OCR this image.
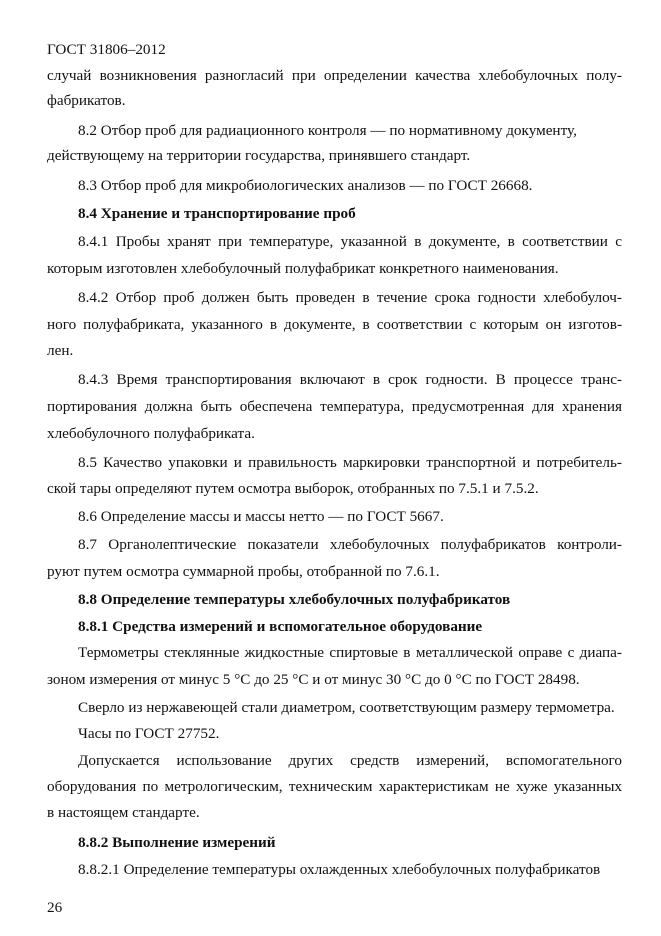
ГОСТ 31806–2012
случай возникновения разногласий при определении качества хлебобулочных полу-
фабрикатов.
8.2 Отбор проб для радиационного контроля — по нормативному документу,
действующему на территории государства, принявшего стандарт.
8.3 Отбор проб для микробиологических анализов — по ГОСТ 26668.
8.4 Хранение и транспортирование проб
8.4.1 Пробы хранят при температуре, указанной в документе, в соответствии с
которым изготовлен хлебобулочный полуфабрикат конкретного наименования.
8.4.2 Отбор проб должен быть проведен в течение срока годности хлебобулоч-
ного полуфабриката, указанного в документе, в соответствии с которым он изготов-
лен.
8.4.3 Время транспортирования включают в срок годности. В процессе транс-
портирования должна быть обеспечена температура, предусмотренная для хранения
хлебобулочного полуфабриката.
8.5 Качество упаковки и правильность маркировки транспортной и потребитель-
ской тары определяют путем осмотра выборок, отобранных по 7.5.1 и 7.5.2.
8.6 Определение массы и массы нетто — по ГОСТ 5667.
8.7 Органолептические показатели хлебобулочных полуфабрикатов контроли-
руют путем осмотра суммарной пробы, отобранной по 7.6.1.
8.8 Определение температуры хлебобулочных полуфабрикатов
8.8.1 Средства измерений и вспомогательное оборудование
Термометры стеклянные жидкостные спиртовые в металлической оправе с диапа-
зоном измерения от минус 5 °С до 25 °С и от минус 30 °С до 0 °С по ГОСТ 28498.
Сверло из нержавеющей стали диаметром, соответствующим размеру термометра.
Часы по ГОСТ 27752.
Допускается использование других средств измерений, вспомогательного
оборудования по метрологическим, техническим характеристикам не хуже указанных
в настоящем стандарте.
8.8.2 Выполнение измерений
8.8.2.1 Определение температуры охлажденных хлебобулочных полуфабрикатов
26
